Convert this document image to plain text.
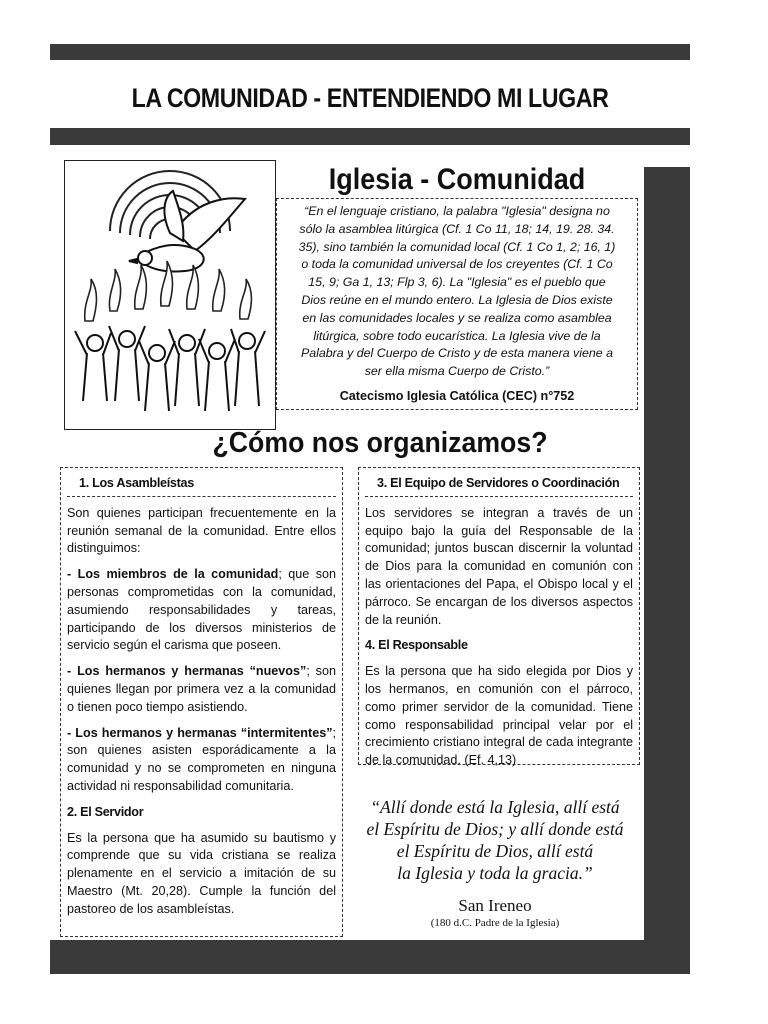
LA COMUNIDAD - ENTENDIENDO MI LUGAR
Iglesia - Comunidad

“En el lenguaje cristiano, la palabra "Iglesia" designa no
sólo la asamblea litúrgica (Cf. 1 Co 11, 18; 14, 19. 28. 34.
35), sino también la comunidad local (Cf. 1 Co 1, 2; 16, 1)
o toda la comunidad universal de los creyentes (Cf. 1 Co
15, 9; Ga 1, 13; Flp 3, 6). La "Iglesia" es el pueblo que
Dios reúne en el mundo entero. La Iglesia de Dios existe
en las comunidades locales y se realiza como asamblea
litúrgica, sobre todo eucarística. La Iglesia vive de la
Palabra y del Cuerpo de Cristo y de esta manera viene a
ser ella misma Cuerpo de Cristo.”

Catecismo Iglesia Católica (CEC) n°752
¿Cómo nos organizamos?
1. Los Asambleístas

Son quienes participan frecuentemente en la reunión semanal de la comunidad. Entre ellos distinguimos:

- Los miembros de la comunidad; que son personas comprometidas con la comunidad, asumiendo responsabilidades y tareas, participando de los diversos ministerios de servicio según el carisma que poseen.

- Los hermanos y hermanas “nuevos”; son quienes llegan por primera vez a la comunidad o tienen poco tiempo asistiendo.

- Los hermanos y hermanas “intermitentes”; son quienes asisten esporádicamente a la comunidad y no se comprometen en ninguna actividad ni responsabilidad comunitaria.

2. El Servidor

Es la persona que ha asumido su bautismo y comprende que su vida cristiana se realiza plenamente en el servicio a imitación de su Maestro (Mt. 20,28). Cumple la función del pastoreo de los asambleístas.

3. El Equipo de Servidores o Coordinación

Los servidores se integran a través de un equipo bajo la guía del Responsable de la comunidad; juntos buscan discernir la voluntad de Dios para la comunidad en comunión con las orientaciones del Papa, el Obispo local y el párroco. Se encargan de los diversos aspectos de la reunión.

4. El Responsable

Es la persona que ha sido elegida por Dios y los hermanos, en comunión con el párroco, como primer servidor de la comunidad. Tiene como responsabilidad principal velar por el crecimiento cristiano integral de cada integrante de la comunidad. (Ef. 4,13)

“Allí donde está la Iglesia, allí está
el Espíritu de Dios; y allí donde está
el Espíritu de Dios, allí está
la Iglesia y toda la gracia.”

San Ireneo
(180 d.C. Padre de la Iglesia)
